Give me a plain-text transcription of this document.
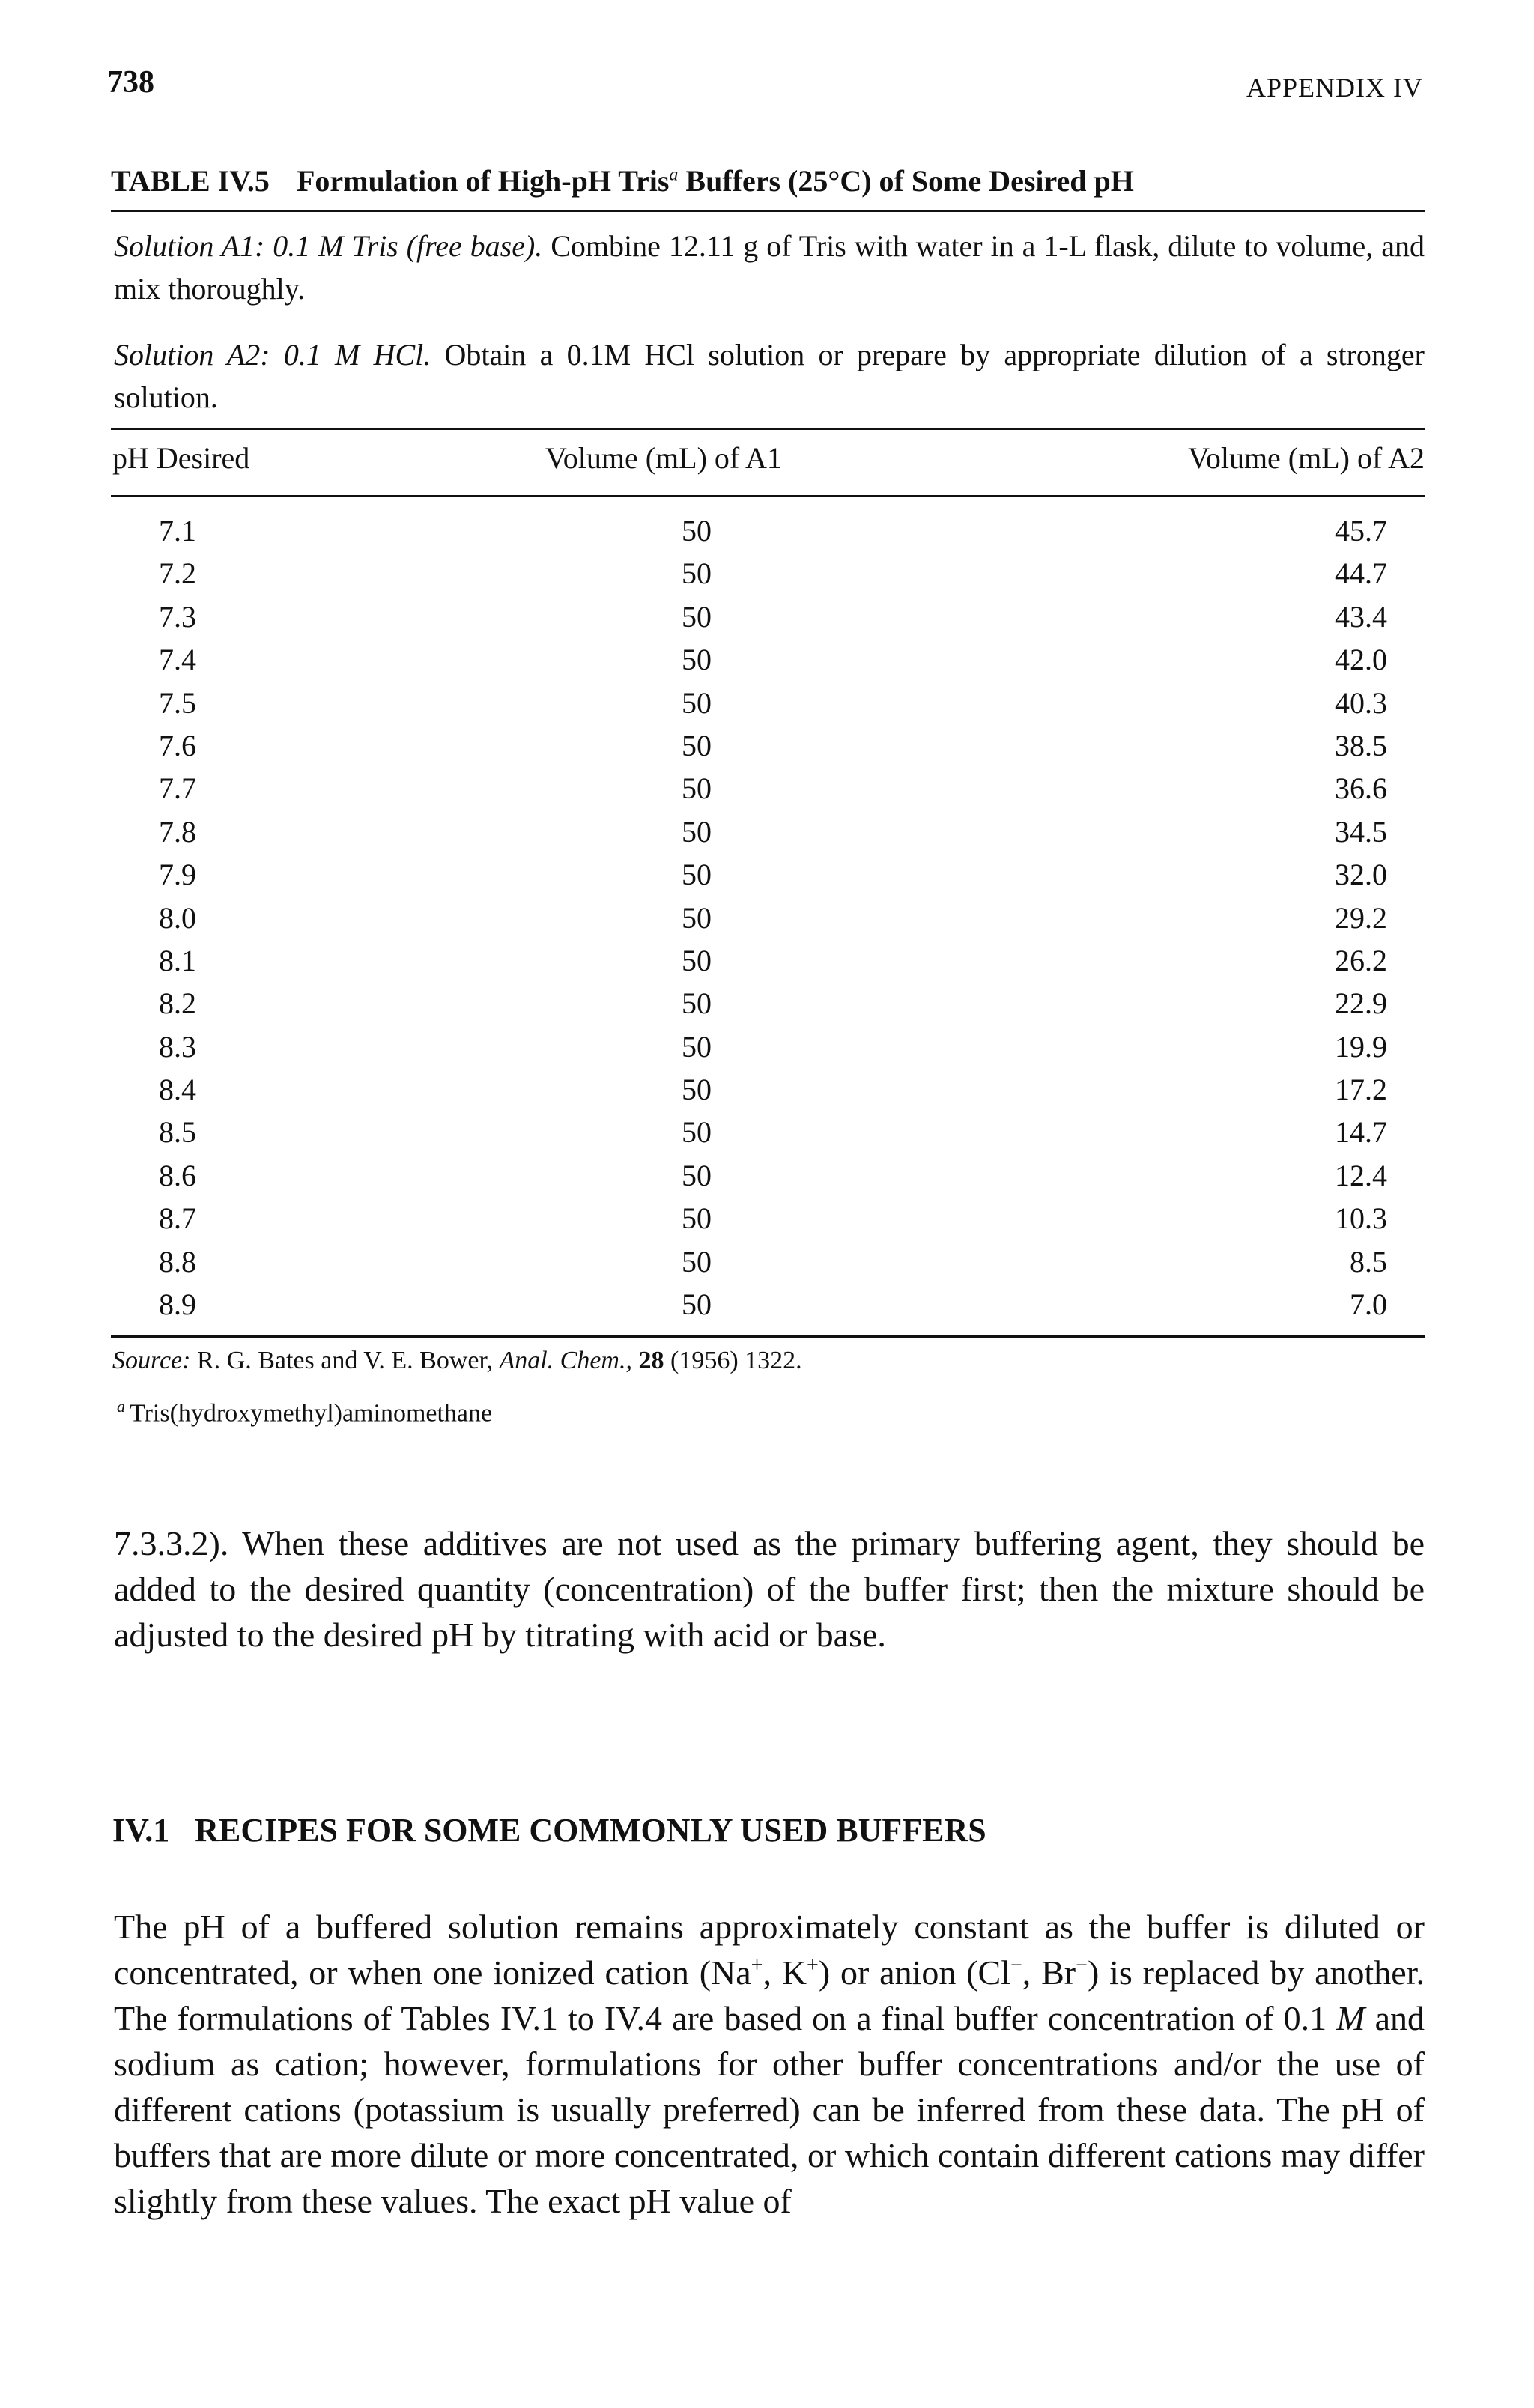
738	APPENDIX IV
TABLE IV.5 Formulation of High-pH Tris$^a$ Buffers (25°C) of Some Desired pH
Solution A1: 0.1 M Tris (free base). Combine 12.11 g of Tris with water in a 1-L flask, dilute to volume, and mix thoroughly.
Solution A2: 0.1 M HCl. Obtain a 0.1M HCl solution or prepare by appropriate dilution of a stronger solution.
pH Desired	Volume (mL) of A1	Volume (mL) of A2
7.1	50	45.7
7.2	50	44.7
7.3	50	43.4
7.4	50	42.0
7.5	50	40.3
7.6	50	38.5
7.7	50	36.6
7.8	50	34.5
7.9	50	32.0
8.0	50	29.2
8.1	50	26.2
8.2	50	22.9
8.3	50	19.9
8.4	50	17.2
8.5	50	14.7
8.6	50	12.4
8.7	50	10.3
8.8	50	8.5
8.9	50	7.0
Source: R. G. Bates and V. E. Bower, Anal. Chem., 28 (1956) 1322.
$^a$ Tris(hydroxymethyl)aminomethane
7.3.3.2). When these additives are not used as the primary buffering agent, they should be added to the desired quantity (concentration) of the buffer first; then the mixture should be adjusted to the desired pH by titrating with acid or base.
IV.1 RECIPES FOR SOME COMMONLY USED BUFFERS
The pH of a buffered solution remains approximately constant as the buffer is diluted or concentrated, or when one ionized cation (Na+, K+) or anion (Cl−, Br−) is replaced by another. The formulations of Tables IV.1 to IV.4 are based on a final buffer concentration of 0.1 M and sodium as cation; however, formulations for other buffer concentrations and/or the use of different cations (potassium is usually preferred) can be inferred from these data. The pH of buffers that are more dilute or more concentrated, or which contain different cations may differ slightly from these values. The exact pH value of
